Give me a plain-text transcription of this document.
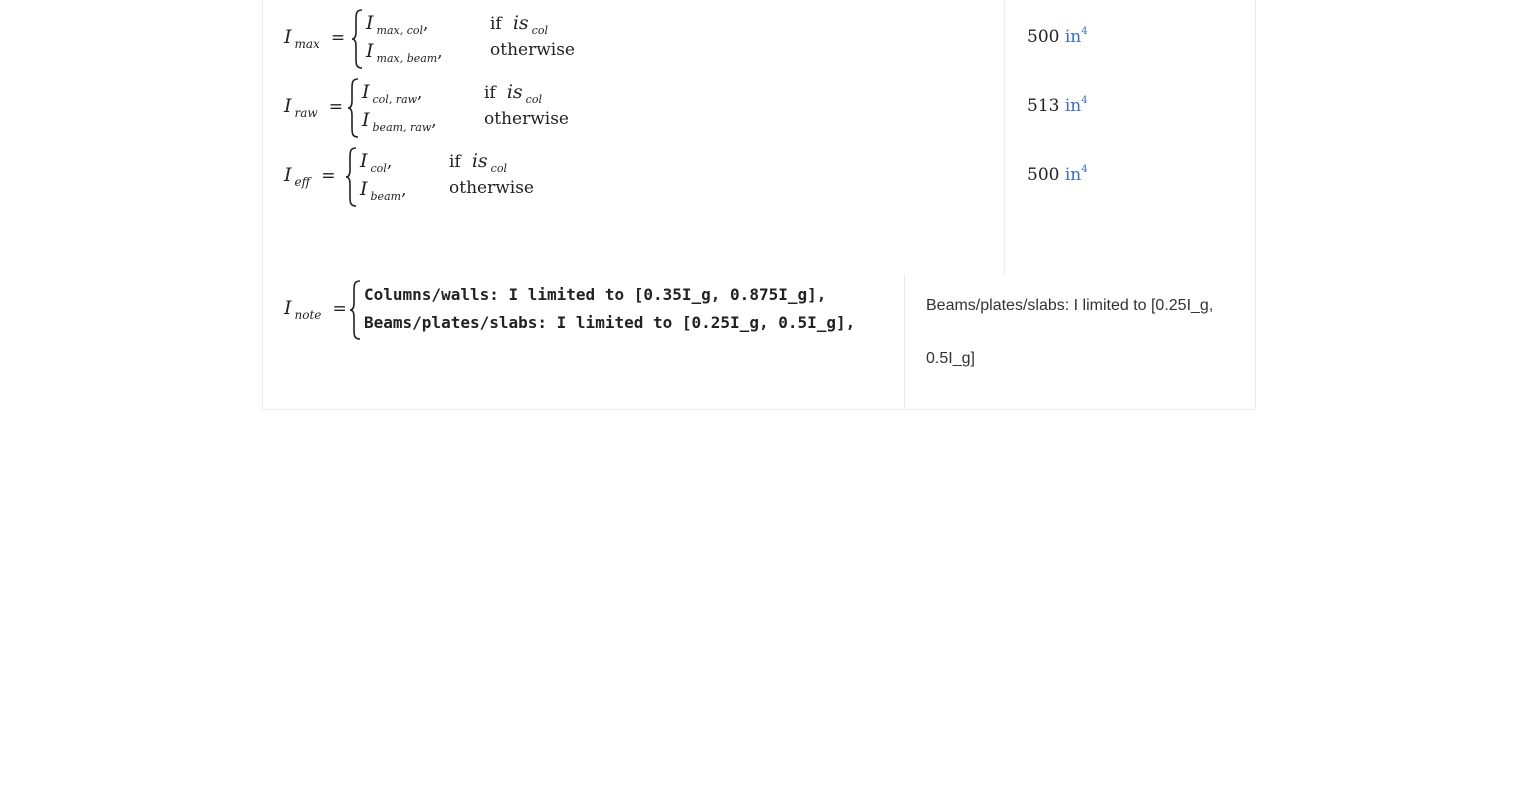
I $_{max}$ =
I $_{max, col}$,	if is $_{col}$
I $_{max, beam}$,	otherwise
500 $in^4$
I $_{raw}$ =
I $_{col, raw}$,	if is $_{col}$
I $_{beam, raw}$,	otherwise
513 $in^4$
I $_{eff}$ =
I $_{col}$,	if is $_{col}$
I $_{beam}$,	otherwise
500 $in^4$
I $_{note}$ =
Columns/walls: I limited to [0.35I_g, 0.875I_g],
Beams/plates/slabs: I limited to [0.25I_g, 0.5I_g],
Beams/plates/slabs: I limited to [0.25I_g,
0.5I_g]
